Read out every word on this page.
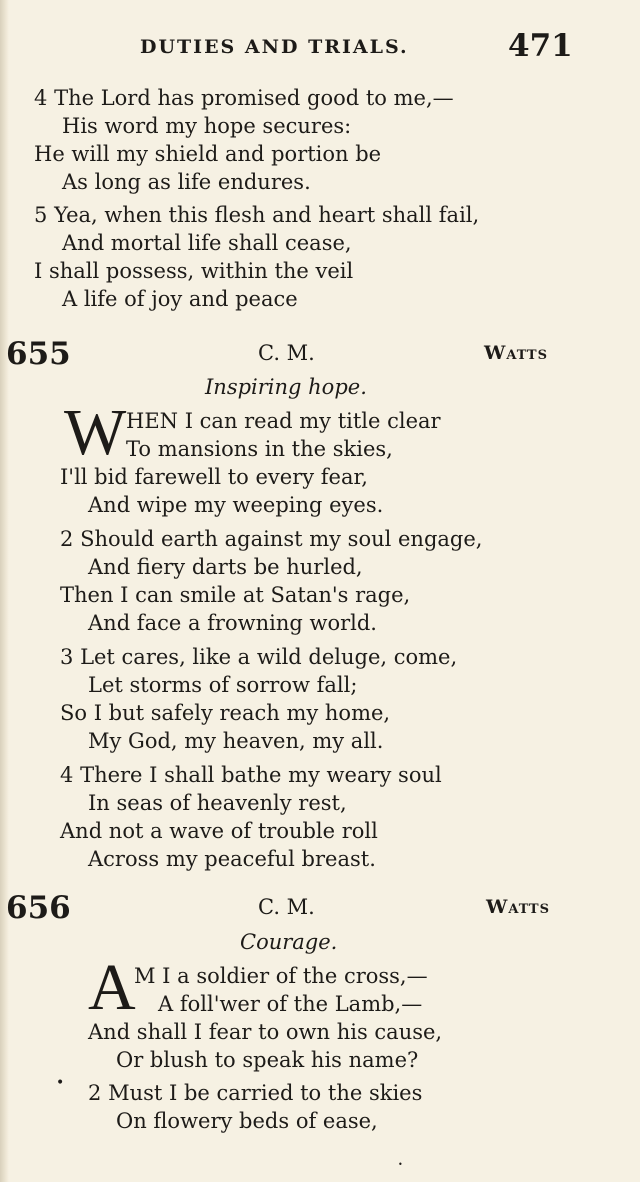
DUTIES AND TRIALS.	471
4 The Lord has promised good to me,—
His word my hope secures:
He will my shield and portion be
As long as life endures.
5 Yea, when this flesh and heart shall fail,
And mortal life shall cease,
I shall possess, within the veil
A life of joy and peace
655	C. M.	Watts
Inspiring hope.
W HEN I can read my title clear
To mansions in the skies,
I'll bid farewell to every fear,
And wipe my weeping eyes.
2 Should earth against my soul engage,
And fiery darts be hurled,
Then I can smile at Satan's rage,
And face a frowning world.
3 Let cares, like a wild deluge, come,
Let storms of sorrow fall;
So I but safely reach my home,
My God, my heaven, my all.
4 There I shall bathe my weary soul
In seas of heavenly rest,
And not a wave of trouble roll
Across my peaceful breast.
656	C. M.	Watts
Courage.
A
M I a soldier of the cross,—
A foll'wer of the Lamb,—
And shall I fear to own his cause,
Or blush to speak his name?
• 2 Must I be carried to the skies
On flowery beds of ease,
•
